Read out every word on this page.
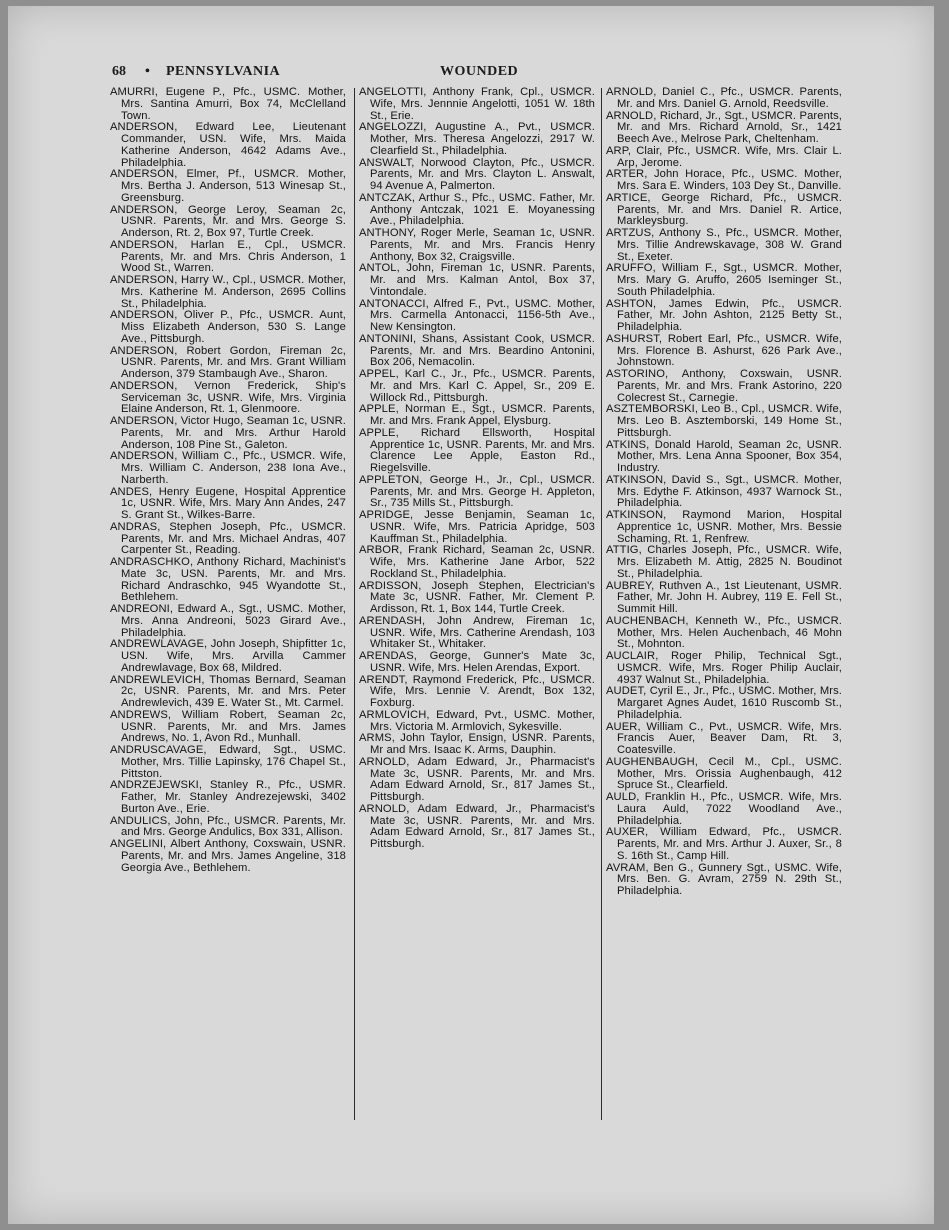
68 • PENNSYLVANIA	WOUNDED

AMURRI, Eugene P., Pfc., USMC. Mother, Mrs. Santina Amurri, Box 74, McClelland Town.

ANDERSON, Edward Lee, Lieutenant Commander, USN. Wife, Mrs. Maida Katherine Anderson, 4642 Adams Ave., Philadelphia.

ANDERSON, Elmer, Pf., USMCR. Mother, Mrs. Bertha J. Anderson, 513 Winesap St., Greensburg.

ANDERSON, George Leroy, Seaman 2c, USNR. Parents, Mr. and Mrs. George S. Anderson, Rt. 2, Box 97, Turtle Creek.

ANDERSON, Harlan E., Cpl., USMCR. Parents, Mr. and Mrs. Chris Anderson, 1 Wood St., Warren.

ANDERSON, Harry W., Cpl., USMCR. Mother, Mrs. Katherine M. Anderson, 2695 Collins St., Philadelphia.

ANDERSON, Oliver P., Pfc., USMCR. Aunt, Miss Elizabeth Anderson, 530 S. Lange Ave., Pittsburgh.

ANDERSON, Robert Gordon, Fireman 2c, USNR. Parents, Mr. and Mrs. Grant William Anderson, 379 Stambaugh Ave., Sharon.

ANDERSON, Vernon Frederick, Ship's Serviceman 3c, USNR. Wife, Mrs. Virginia Elaine Anderson, Rt. 1, Glenmoore.

ANDERSON, Victor Hugo, Seaman 1c, USNR. Parents, Mr. and Mrs. Arthur Harold Anderson, 108 Pine St., Galeton.

ANDERSON, William C., Pfc., USMCR. Wife, Mrs. William C. Anderson, 238 Iona Ave., Narberth.

ANDES, Henry Eugene, Hospital Apprentice 1c, USNR. Wife, Mrs. Mary Ann Andes, 247 S. Grant St., Wilkes-Barre.

ANDRAS, Stephen Joseph, Pfc., USMCR. Parents, Mr. and Mrs. Michael Andras, 407 Carpenter St., Reading.

ANDRASCHKO, Anthony Richard, Machinist's Mate 3c, USN. Parents, Mr. and Mrs. Richard Andraschko, 945 Wyandotte St., Bethlehem.

ANDREONI, Edward A., Sgt., USMC. Mother, Mrs. Anna Andreoni, 5023 Girard Ave., Philadelphia.

ANDREWLAVAGE, John Joseph, Shipfitter 1c, USN. Wife, Mrs. Arvilla Cammer Andrewlavage, Box 68, Mildred.

ANDREWLEVICH, Thomas Bernard, Seaman 2c, USNR. Parents, Mr. and Mrs. Peter Andrewlevich, 439 E. Water St., Mt. Carmel.

ANDREWS, William Robert, Seaman 2c, USNR. Parents, Mr. and Mrs. James Andrews, No. 1, Avon Rd., Munhall.

ANDRUSCAVAGE, Edward, Sgt., USMC. Mother, Mrs. Tillie Lapinsky, 176 Chapel St., Pittston.

ANDRZEJEWSKI, Stanley R., Pfc., USMR. Father, Mr. Stanley Andrezejewski, 3402 Burton Ave., Erie.

ANDULICS, John, Pfc., USMCR. Parents, Mr. and Mrs. George Andulics, Box 331, Allison.

ANGELINI, Albert Anthony, Coxswain, USNR. Parents, Mr. and Mrs. James Angeline, 318 Georgia Ave., Bethlehem.

ANGELOTTI, Anthony Frank, Cpl., USMCR. Wife, Mrs. Jennnie Angelotti, 1051 W. 18th St., Erie.

ANGELOZZI, Augustine A., Pvt., USMCR. Mother, Mrs. Theresa Angelozzi, 2917 W. Clearfield St., Philadelphia.

ANSWALT, Norwood Clayton, Pfc., USMCR. Parents, Mr. and Mrs. Clayton L. Answalt, 94 Avenue A, Palmerton.

ANTCZAK, Arthur S., Pfc., USMC. Father, Mr. Anthony Antczak, 1021 E. Moyanessing Ave., Philadelphia.

ANTHONY, Roger Merle, Seaman 1c, USNR. Parents, Mr. and Mrs. Francis Henry Anthony, Box 32, Craigsville.

ANTOL, John, Fireman 1c, USNR. Parents, Mr. and Mrs. Kalman Antol, Box 37, Vintondale.

ANTONACCI, Alfred F., Pvt., USMC. Mother, Mrs. Carmella Antonacci, 1156-5th Ave., New Kensington.

ANTONINI, Shans, Assistant Cook, USMCR. Parents, Mr. and Mrs. Beardino Antonini, Box 206, Nemacolin.

APPEL, Karl C., Jr., Pfc., USMCR. Parents, Mr. and Mrs. Karl C. Appel, Sr., 209 E. Willock Rd., Pittsburgh.

APPLE, Norman E., Sgt., USMCR. Parents, Mr. and Mrs. Frank Appel, Elysburg.

APPLE, Richard Ellsworth, Hospital Apprentice 1c, USNR. Parents, Mr. and Mrs. Clarence Lee Apple, Easton Rd., Riegelsville.

APPLETON, George H., Jr., Cpl., USMCR. Parents, Mr. and Mrs. George H. Appleton, Sr., 735 Mills St., Pittsburgh.

APRIDGE, Jesse Benjamin, Seaman 1c, USNR. Wife, Mrs. Patricia Apridge, 503 Kauffman St., Philadelphia.

ARBOR, Frank Richard, Seaman 2c, USNR. Wife, Mrs. Katherine Jane Arbor, 522 Rockland St., Philadelphia.

ARDISSON, Joseph Stephen, Electrician's Mate 3c, USNR. Father, Mr. Clement P. Ardisson, Rt. 1, Box 144, Turtle Creek.

ARENDASH, John Andrew, Fireman 1c, USNR. Wife, Mrs. Catherine Arendash, 103 Whitaker St., Whitaker.

ARENDAS, George, Gunner's Mate 3c, USNR. Wife, Mrs. Helen Arendas, Export.

ARENDT, Raymond Frederick, Pfc., USMCR. Wife, Mrs. Lennie V. Arendt, Box 132, Foxburg.

ARMLOVICH, Edward, Pvt., USMC. Mother, Mrs. Victoria M. Armlovich, Sykesville.

ARMS, John Taylor, Ensign, USNR. Parents, Mr and Mrs. Isaac K. Arms, Dauphin.

ARNOLD, Adam Edward, Jr., Pharmacist's Mate 3c, USNR. Parents, Mr. and Mrs. Adam Edward Arnold, Sr., 817 James St., Pittsburgh.

ARNOLD, Adam Edward, Jr., Pharmacist's Mate 3c, USNR. Parents, Mr. and Mrs. Adam Edward Arnold, Sr., 817 James St., Pittsburgh.

ARNOLD, Daniel C., Pfc., USMCR. Parents, Mr. and Mrs. Daniel G. Arnold, Reedsville.

ARNOLD, Richard, Jr., Sgt., USMCR. Parents, Mr. and Mrs. Richard Arnold, Sr., 1421 Beech Ave., Melrose Park, Cheltenham.

ARP, Clair, Pfc., USMCR. Wife, Mrs. Clair L. Arp, Jerome.

ARTER, John Horace, Pfc., USMC. Mother, Mrs. Sara E. Winders, 103 Dey St., Danville.

ARTICE, George Richard, Pfc., USMCR. Parents, Mr. and Mrs. Daniel R. Artice, Markleysburg.

ARTZUS, Anthony S., Pfc., USMCR. Mother, Mrs. Tillie Andrewskavage, 308 W. Grand St., Exeter.

ARUFFO, William F., Sgt., USMCR. Mother, Mrs. Mary G. Aruffo, 2605 Iseminger St., South Philadelphia.

ASHTON, James Edwin, Pfc., USMCR. Father, Mr. John Ashton, 2125 Betty St., Philadelphia.

ASHURST, Robert Earl, Pfc., USMCR. Wife, Mrs. Florence B. Ashurst, 626 Park Ave., Johnstown.

ASTORINO, Anthony, Coxswain, USNR. Parents, Mr. and Mrs. Frank Astorino, 220 Colecrest St., Carnegie.

ASZTEMBORSKI, Leo B., Cpl., USMCR. Wife, Mrs. Leo B. Asztemborski, 149 Home St., Pittsburgh.

ATKINS, Donald Harold, Seaman 2c, USNR. Mother, Mrs. Lena Anna Spooner, Box 354, Industry.

ATKINSON, David S., Sgt., USMCR. Mother, Mrs. Edythe F. Atkinson, 4937 Warnock St., Philadelphia.

ATKINSON, Raymond Marion, Hospital Apprentice 1c, USNR. Mother, Mrs. Bessie Schaming, Rt. 1, Renfrew.

ATTIG, Charles Joseph, Pfc., USMCR. Wife, Mrs. Elizabeth M. Attig, 2825 N. Boudinot St., Philadelphia.

AUBREY, Ruthven A., 1st Lieutenant, USMR. Father, Mr. John H. Aubrey, 119 E. Fell St., Summit Hill.

AUCHENBACH, Kenneth W., Pfc., USMCR. Mother, Mrs. Helen Auchenbach, 46 Mohn St., Mohnton.

AUCLAIR, Roger Philip, Technical Sgt., USMCR. Wife, Mrs. Roger Philip Auclair, 4937 Walnut St., Philadelphia.

AUDET, Cyril E., Jr., Pfc., USMC. Mother, Mrs. Margaret Agnes Audet, 1610 Ruscomb St., Philadelphia.

AUER, William C., Pvt., USMCR. Wife, Mrs. Francis Auer, Beaver Dam, Rt. 3, Coatesville.

AUGHENBAUGH, Cecil M., Cpl., USMC. Mother, Mrs. Orissia Aughenbaugh, 412 Spruce St., Clearfield.

AULD, Franklin H., Pfc., USMCR. Wife, Mrs. Laura Auld, 7022 Woodland Ave., Philadelphia.

AUXER, William Edward, Pfc., USMCR. Parents, Mr. and Mrs. Arthur J. Auxer, Sr., 8 S. 16th St., Camp Hill.

AVRAM, Ben G., Gunnery Sgt., USMC. Wife, Mrs. Ben. G. Avram, 2759 N. 29th St., Philadelphia.
